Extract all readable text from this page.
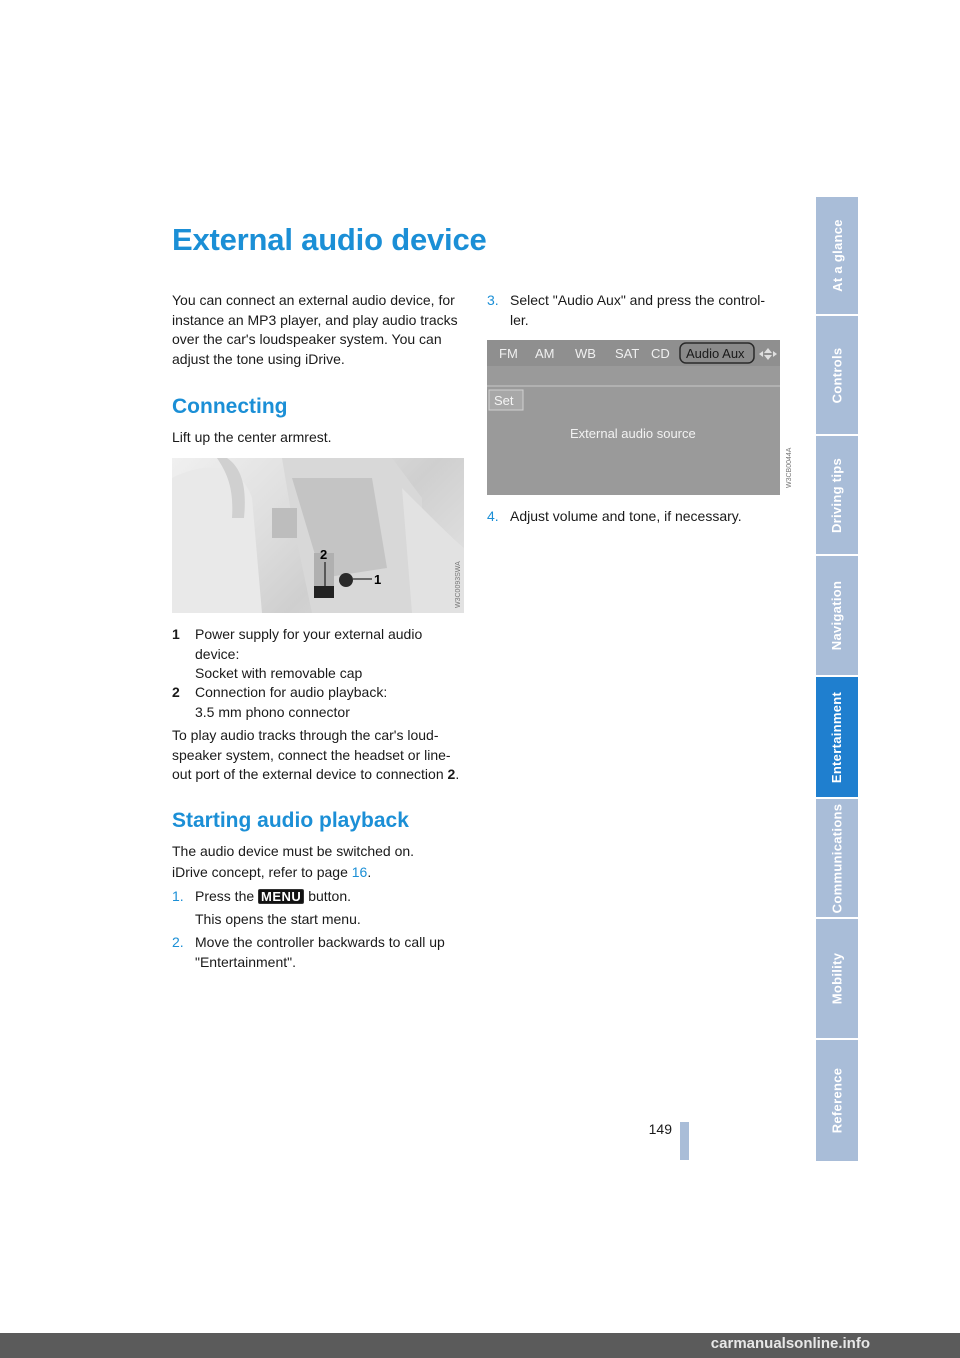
External audio device
You can connect an external audio device, for instance an MP3 player, and play audio tracks over the car's loudspeaker system. You can adjust the tone using iDrive.
Connecting
Lift up the center armrest.
1
2
W3C0093SWA
1 Power supply for your external audio
device:
Socket with removable cap
2 Connection for audio playback:
3.5 mm phono connector
To play audio tracks through the car's loud-
speaker system, connect the headset or line-
out port of the external device to connection 2.
Starting audio playback
The audio device must be switched on.
iDrive concept, refer to page 16.
1. Press the MENU button.
This opens the start menu.
2. Move the controller backwards to call up
"Entertainment".
3. Select "Audio Aux" and press the control-
ler.
FM AM WB SAT CD Audio Aux
Set
External audio source
W3CB0044A
4. Adjust volume and tone, if necessary.
At a glance
Controls
Driving tips
Navigation
Entertainment
Communications
Mobility
Reference
149
carmanualsonline.info
